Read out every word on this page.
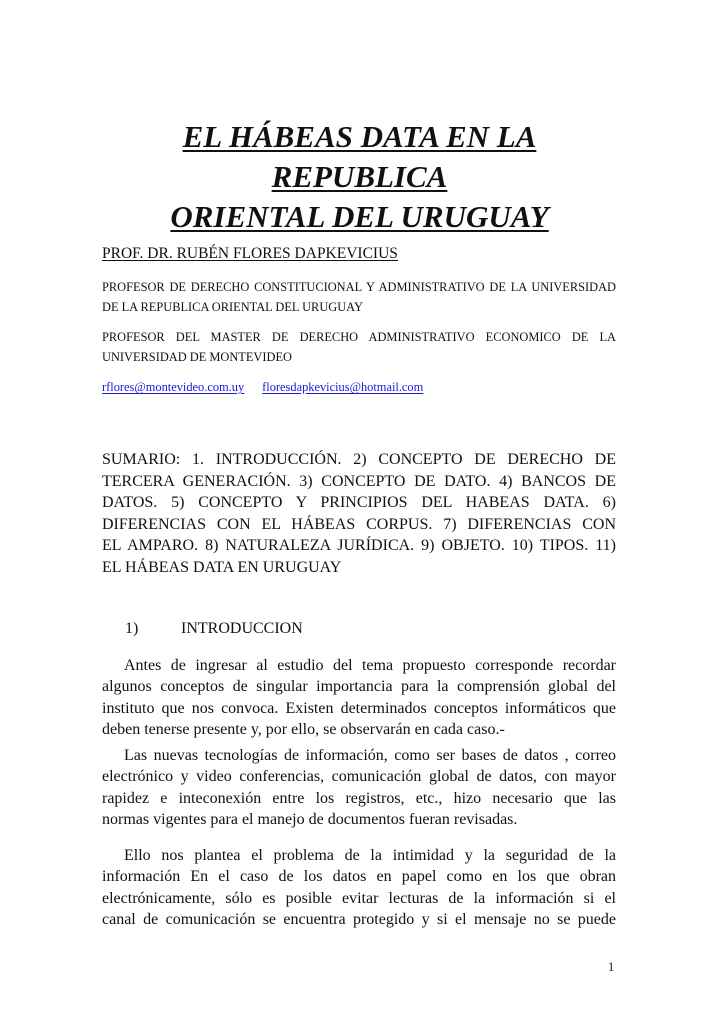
EL HÁBEAS DATA EN LA REPUBLICA
ORIENTAL DEL URUGUAY

PROF. DR. RUBÉN FLORES DAPKEVICIUS

PROFESOR DE DERECHO CONSTITUCIONAL Y ADMINISTRATIVO DE LA UNIVERSIDAD DE LA REPUBLICA ORIENTAL DEL URUGUAY

PROFESOR DEL MASTER DE DERECHO ADMINISTRATIVO ECONOMICO DE LA UNIVERSIDAD DE MONTEVIDEO

rflores@montevideo.com.uy floresdapkevicius@hotmail.com

SUMARIO: 1. INTRODUCCIÓN. 2) CONCEPTO DE DERECHO DE
TERCERA GENERACIÓN. 3) CONCEPTO DE DATO. 4) BANCOS DE
DATOS. 5) CONCEPTO Y PRINCIPIOS DEL HABEAS DATA. 6)
DIFERENCIAS CON EL HÁBEAS CORPUS. 7) DIFERENCIAS CON
EL AMPARO. 8) NATURALEZA JURÍDICA. 9) OBJETO. 10) TIPOS. 11)
EL HÁBEAS DATA EN URUGUAY

1)	INTRODUCCION

Antes de ingresar al estudio del tema propuesto corresponde recordar
algunos conceptos de singular importancia para la comprensión global del
instituto que nos convoca. Existen determinados conceptos informáticos que
deben tenerse presente y, por ello, se observarán en cada caso.-

Las nuevas tecnologías de información, como ser bases de datos , correo
electrónico y video conferencias, comunicación global de datos, con mayor
rapidez e inteconexión entre los registros, etc., hizo necesario que las
normas vigentes para el manejo de documentos fueran revisadas.

Ello nos plantea el problema de la intimidad y la seguridad de la
información En el caso de los datos en papel como en los que obran
electrónicamente, sólo es posible evitar lecturas de la información si el
canal de comunicación se encuentra protegido y si el mensaje no se puede

1
